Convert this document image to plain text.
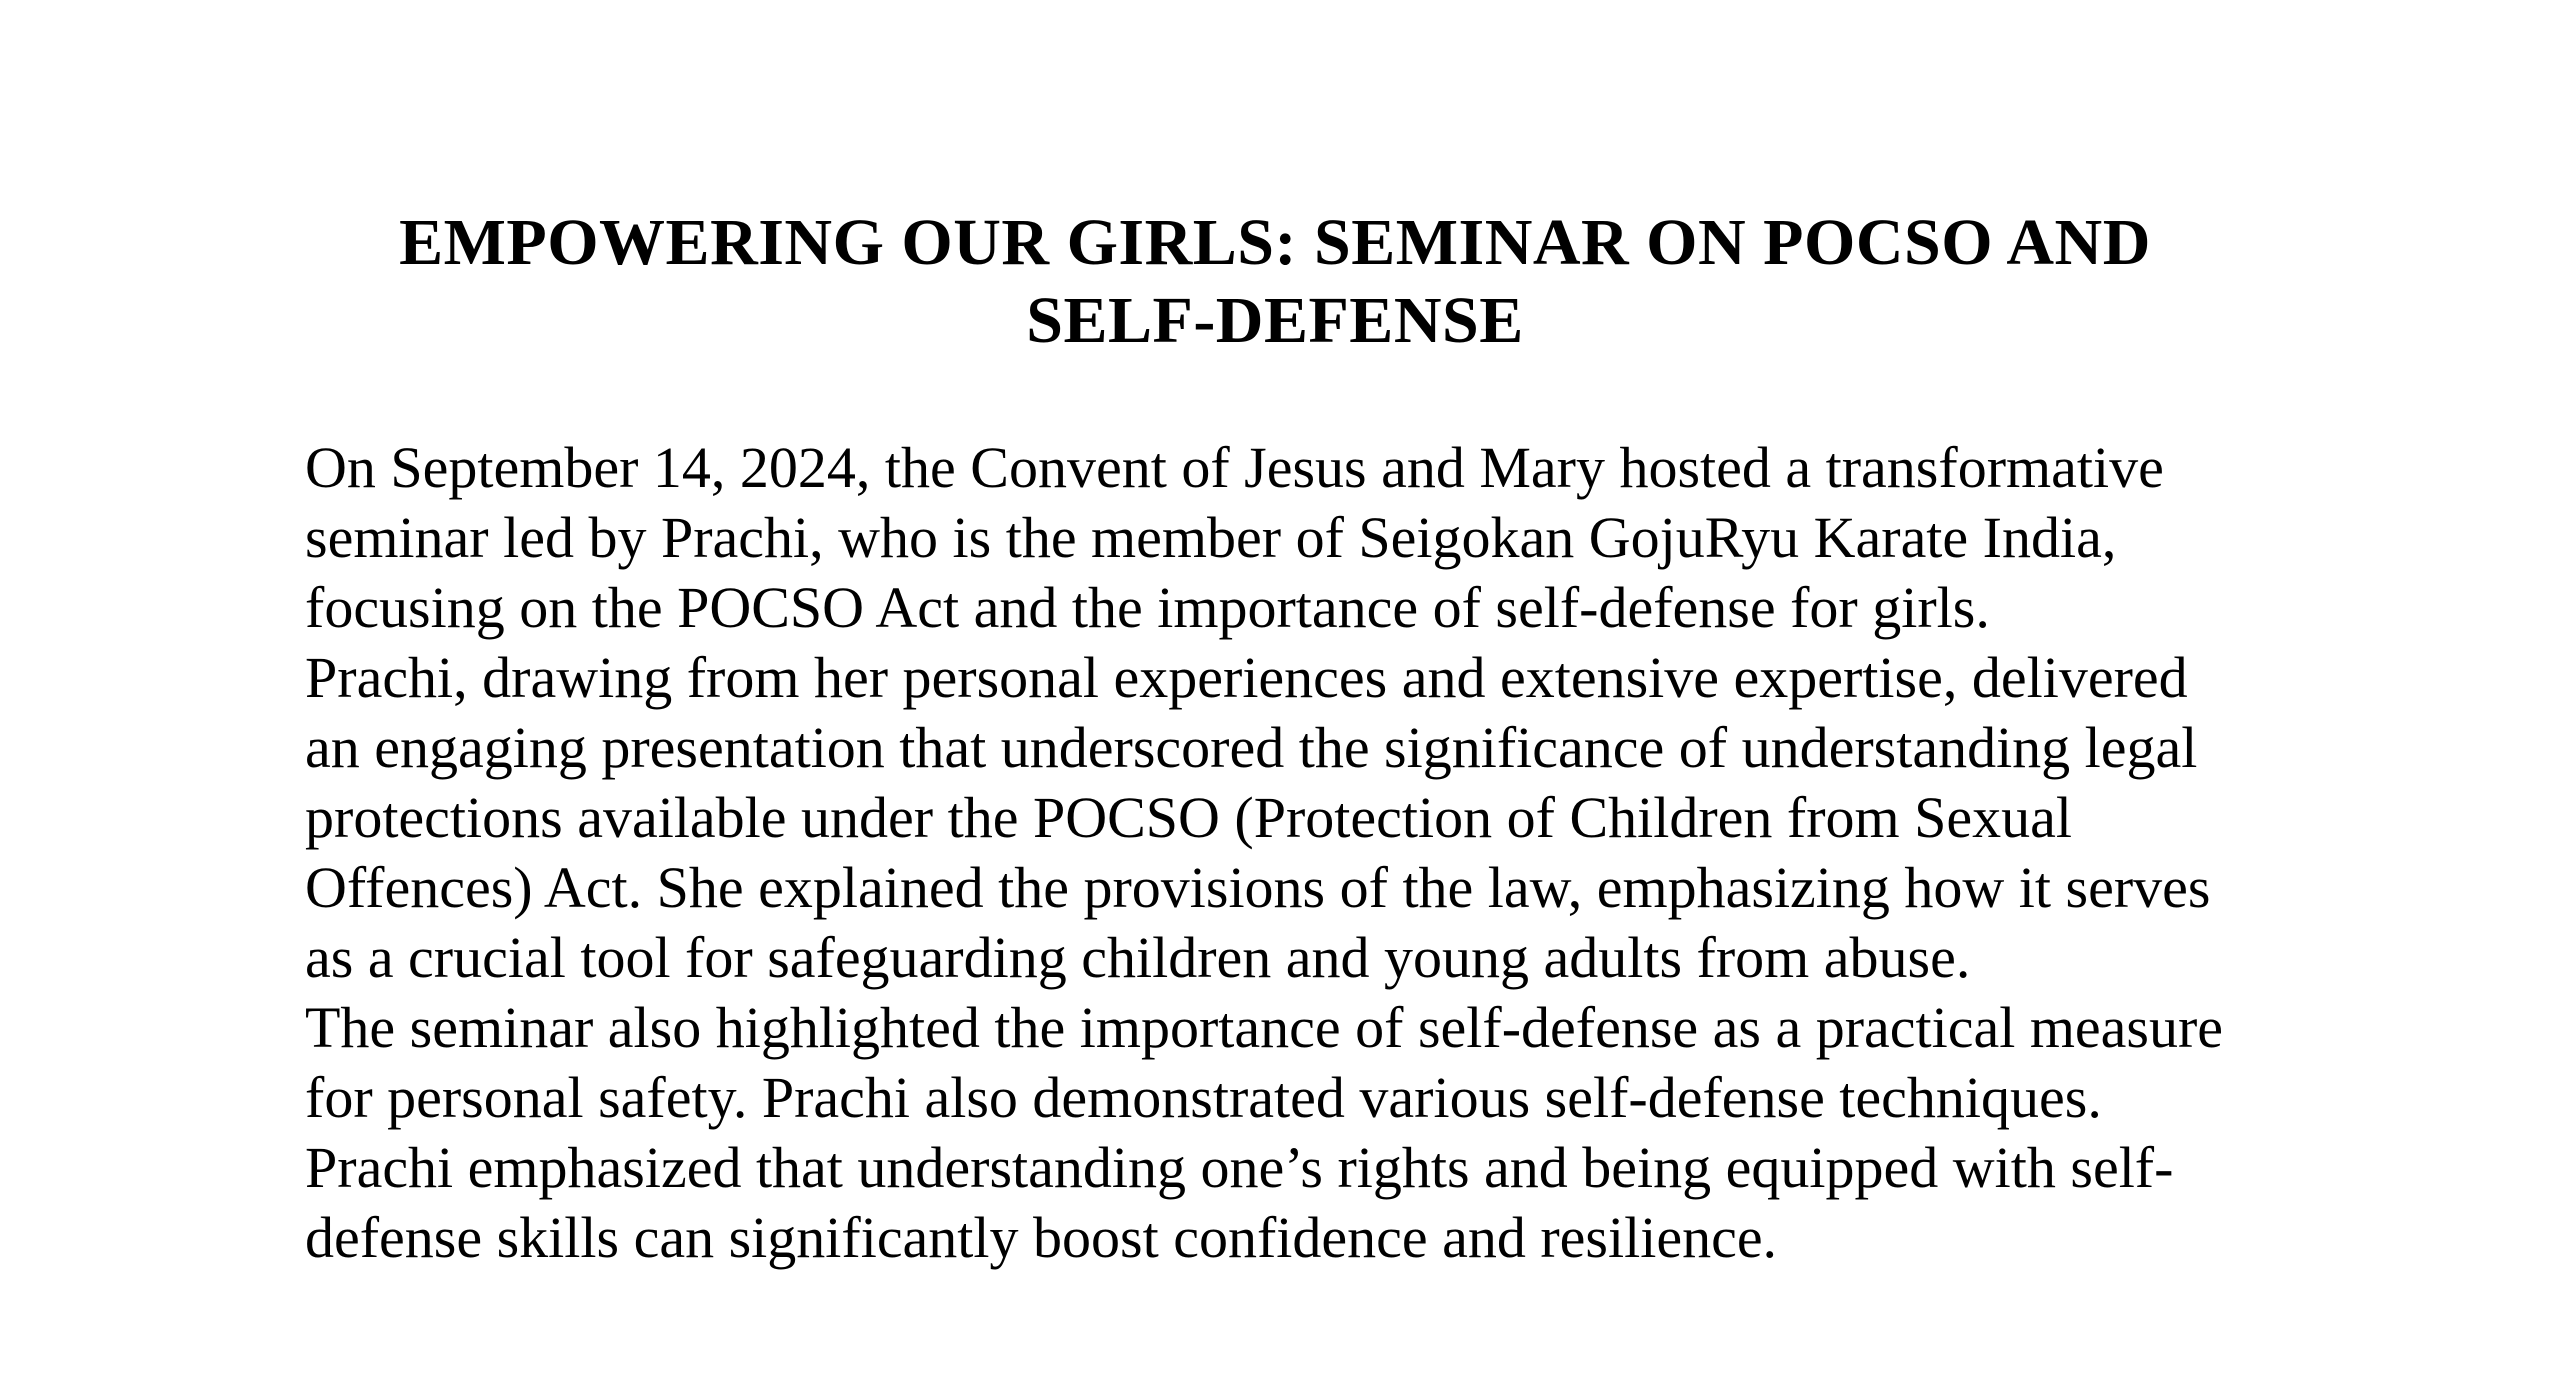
EMPOWERING OUR GIRLS: SEMINAR ON POCSO AND
SELF-DEFENSE
On September 14, 2024, the Convent of Jesus and Mary hosted a transformative
seminar led by Prachi, who is the member of Seigokan GojuRyu Karate India,
focusing on the POCSO Act and the importance of self-defense for girls.
Prachi, drawing from her personal experiences and extensive expertise, delivered
an engaging presentation that underscored the significance of understanding legal
protections available under the POCSO (Protection of Children from Sexual
Offences) Act. She explained the provisions of the law, emphasizing how it serves
as a crucial tool for safeguarding children and young adults from abuse.
The seminar also highlighted the importance of self-defense as a practical measure
for personal safety. Prachi also demonstrated various self-defense techniques.
Prachi emphasized that understanding one’s rights and being equipped with self-
defense skills can significantly boost confidence and resilience.
